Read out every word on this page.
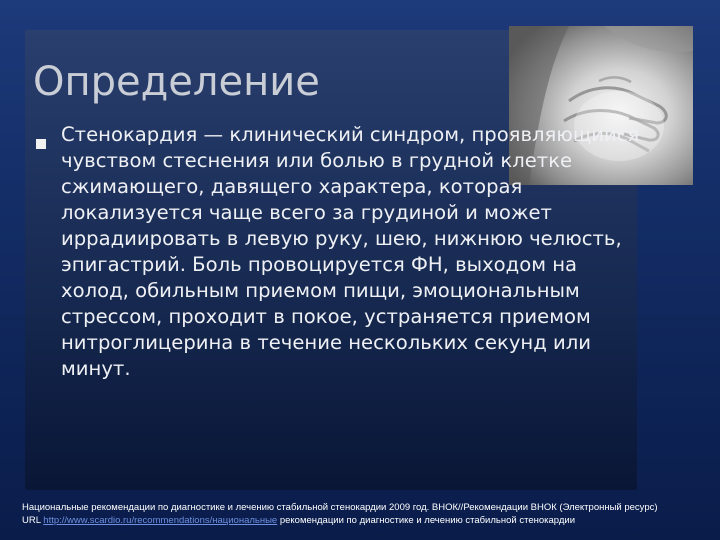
Определение

Стенокардия — клинический синдром, проявляющийся чувством стеснения или болью в грудной клетке сжимающего, давящего характера, которая локализуется чаще всего за грудиной и может иррадиировать в левую руку, шею, нижнюю челюсть, эпигастрий. Боль провоцируется ФН, выходом на холод, обильным приемом пищи, эмоциональным стрессом, проходит в покое, устраняется приемом нитроглицерина в течение нескольких секунд или минут.

Национальные рекомендации по диагностике и лечению стабильной стенокардии 2009 год. ВНОК//Рекомендации ВНОК (Электронный ресурс)
URL http://www.scardio.ru/recommendations/национальные рекомендации по диагностике и лечению стабильной стенокардии
